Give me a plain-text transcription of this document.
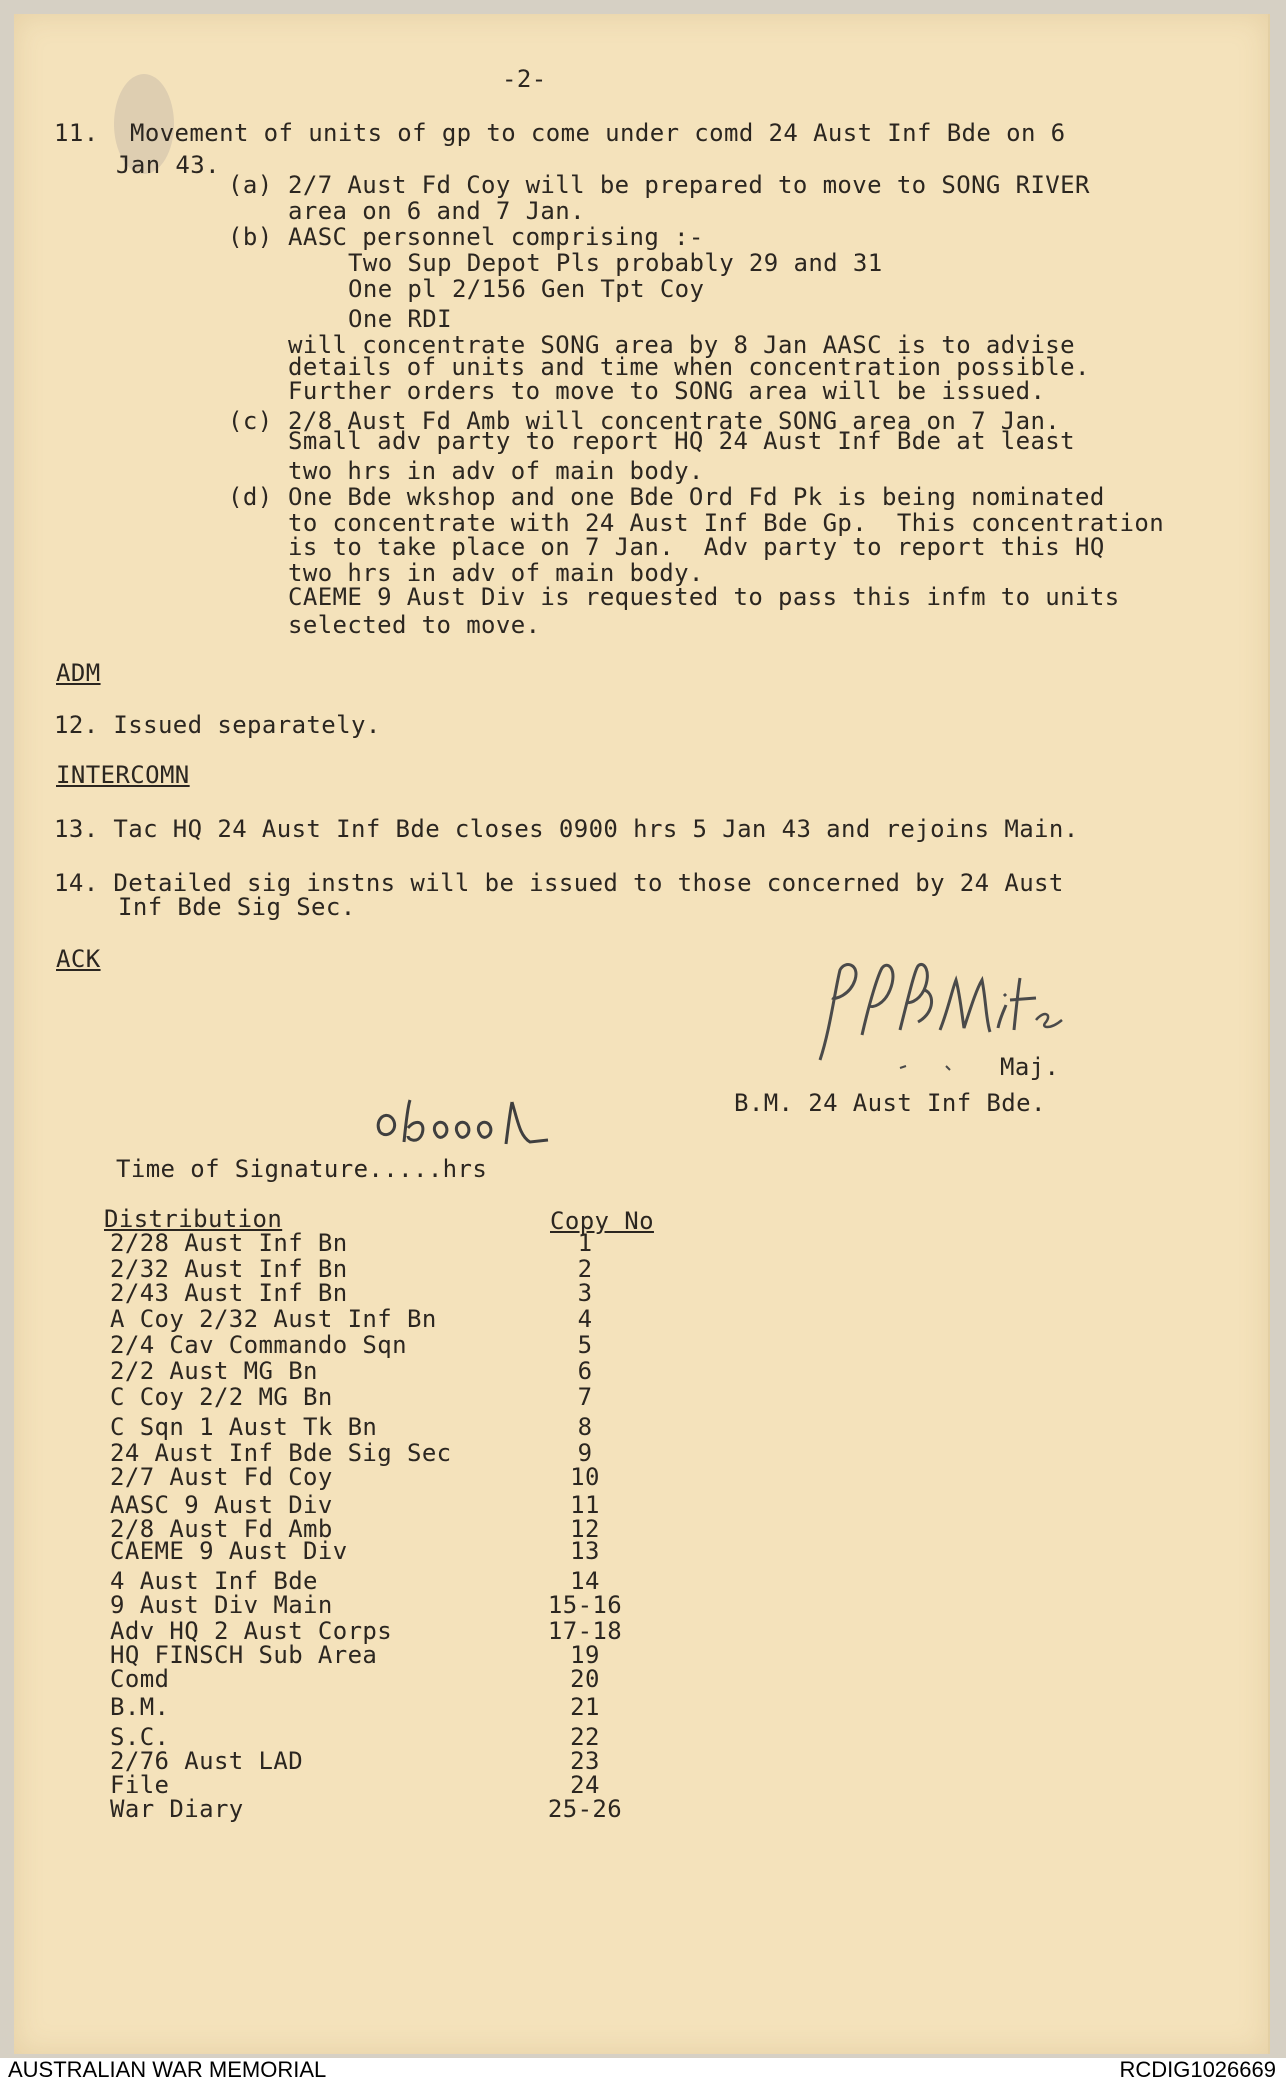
-2-
11. Movement of units of gp to come under comd 24 Aust Inf Bde on 6
Jan 43.
(a) 2/7 Aust Fd Coy will be prepared to move to SONG RIVER
area on 6 and 7 Jan.
(b) AASC personnel comprising :-
Two Sup Depot Pls probably 29 and 31
One pl 2/156 Gen Tpt Coy
One RDI
will concentrate SONG area by 8 Jan AASC is to advise
details of units and time when concentration possible.
Further orders to move to SONG area will be issued.
(c) 2/8 Aust Fd Amb will concentrate SONG area on 7 Jan.
Small adv party to report HQ 24 Aust Inf Bde at least
two hrs in adv of main body.
(d) One Bde wkshop and one Bde Ord Fd Pk is being nominated
to concentrate with 24 Aust Inf Bde Gp.  This concentration
is to take place on 7 Jan.  Adv party to report this HQ
two hrs in adv of main body.
CAEME 9 Aust Div is requested to pass this infm to units
selected to move.
ADM
12. Issued separately.
INTERCOMN
13. Tac HQ 24 Aust Inf Bde closes 0900 hrs 5 Jan 43 and rejoins Main.
14. Detailed sig instns will be issued to those concerned by 24 Aust
Inf Bde Sig Sec.
ACK
Maj.
B.M. 24 Aust Inf Bde.
Time of Signature.....hrs
Distribution	Copy No
2/28 Aust Inf Bn	1
2/32 Aust Inf Bn	2
2/43 Aust Inf Bn	3
A Coy 2/32 Aust Inf Bn	4
2/4 Cav Commando Sqn	5
2/2 Aust MG Bn	6
C Coy 2/2 MG Bn	7
C Sqn 1 Aust Tk Bn	8
24 Aust Inf Bde Sig Sec	9
2/7 Aust Fd Coy	10
AASC 9 Aust Div	11
2/8 Aust Fd Amb	12
CAEME 9 Aust Div	13
4 Aust Inf Bde	14
9 Aust Div Main	15-16
Adv HQ 2 Aust Corps	17-18
HQ FINSCH Sub Area	19
Comd	20
B.M.	21
S.C.	22
2/76 Aust LAD	23
File	24
War Diary	25-26
AUSTRALIAN WAR MEMORIAL	RCDIG1026669
